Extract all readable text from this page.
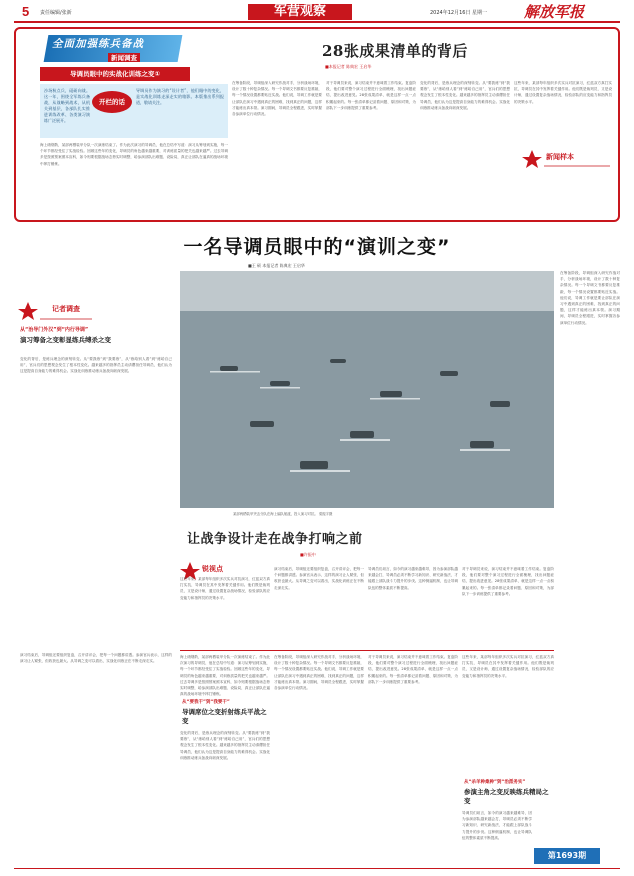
5 责任编辑/张新	军营观察	2024年12月16日 星期一 解放军报
全面加强练兵备战
新闻调查
导调员眼中的实战化训练之变①
沙场秋点兵，砥砺向战。这一年，围绕全军练兵备战，从战略到战术，从机关到基层，各部队扎实推进训练改革、各类演习演练广泛展开。
开栏的话
导调员作为演习的“设计者”，他们眼中的变化，是实战化训练走深走实的缩影。本版推出系列报道，敬请关注。
海上硝烟散，某部两栖装甲分队一次演练结束了。作为此次演习的导调员，他在总结中写道：演习从筹划到实施，每一个环节都经受住了实战检验。回顾这些年的变化，导调员的角色越来越重要，对训练质量的把关也越来越严。过去导调多是按照预案照本宣科，如今则要根据战场态势实时调整，给参演部队出难题、设险局，真正让部队在逼真的战场环境中摔打锤炼。
28张成果清单的背后
■本报记者 陈典宏 王启华
在筹备阶段，导调组深入研究作战对手，分析战场环境，设计了数十种复杂情况。每一个导调文书都要反复推敲，每一个情况设置都要贴近实战。他们说，导调工作就是要让部队在演习中遇到真正的困难，找到真正的问题，这样才能练出真本领。演习期间，导调员全程跟进，实时掌握各参演单位行动情况。
对于导调员来说，演习结束并不意味着工作结束。复盘阶段，他们要对整个演习过程进行全面梳理，找出问题症结，提出改进意见。28张成果清单，就是这样一点一点积累起来的。每一张清单都记录着问题、原因和对策，为部队下一步训练提供了重要参考。
变化的背后，是练兵理念的深刻转变。从“要我练”到“我要练”，从“练给别人看”到“练给自己用”，官兵们的思想观念发生了根本性变化。越来越多的指挥员主动请缨担任导调员，他们认为这是提高自身能力的难得机会。实战化训练推动练兵备战向纵深发展。
这些年来，某部每年组织多次实兵对抗演习，红蓝双方真打实抗，导调员在其中发挥着关键作用。他们既是裁判员，又是设计师，通过设置复杂战场情况，检验部队的应变能力和指挥员的决策水平。
新闻样本
一名导调员眼中的“演训之变”
■王 硕 本报记者 陈典宏 王启华
记者调查
从“治导门外汉”到“内行导调”
演习筹备之变彰显练兵缚杀之变
变化的背后，是练兵理念的深刻转变。从“要我练”到“我要练”，从“练给别人看”到“练给自己用”，官兵们的思想观念发生了根本性变化。越来越多的指挥员主动请缨担任导调员，他们认为这是提高自身能力的难得机会。实战化训练推动练兵备战向纵深发展。
演习结束后，导调组还要组织复盘，召开讲评会，把每一个问题都讲透。参演官兵表示，这样的演习让人紧张，但收获也最大。从导调之变可以看出，实战化训练正在不断走深走实。
在筹备阶段，导调组深入研究作战对手，分析战场环境，设计了数十种复杂情况。每一个导调文书都要反复推敲，每一个情况设置都要贴近实战。他们说，导调工作就是要让部队在演习中遇到真正的困难，找到真正的问题，这样才能练出真本领。演习期间，导调员全程跟进，实时掌握各参演单位行动情况。
某部两栖装甲突击分队在海上编队航渡，投入演习对抗。 梁振宇摄
让战争设计走在战争打响之前
■许振中
锐视点
这些年来，某部每年组织多次实兵对抗演习，红蓝双方真打实抗，导调员在其中发挥着关键作用。他们既是裁判员，又是设计师，通过设置复杂战场情况，检验部队的应变能力和指挥员的决策水平。
演习结束后，导调组还要组织复盘，召开讲评会，把每一个问题都讲透。参演官兵表示，这样的演习让人紧张，但收获也最大。从导调之变可以看出，实战化训练正在不断走深走实。
导调员们坦言，如今的演习越来越难导，因为参演部队越来越会打，导调员必须不断学习新知识、研究新战法，才能跟上部队战斗力提升的步伐。这种倒逼机制，也让导调队伍的整体素质不断提高。
对于导调员来说，演习结束并不意味着工作结束。复盘阶段，他们要对整个演习过程进行全面梳理，找出问题症结，提出改进意见。28张成果清单，就是这样一点一点积累起来的。每一张清单都记录着问题、原因和对策，为部队下一步训练提供了重要参考。
海上硝烟散，某部两栖装甲分队一次演练结束了。作为此次演习的导调员，他在总结中写道：演习从筹划到实施，每一个环节都经受住了实战检验。回顾这些年的变化，导调员的角色越来越重要，对训练质量的把关也越来越严。过去导调多是按照预案照本宣科，如今则要根据战场态势实时调整，给参演部队出难题、设险局，真正让部队在逼真的战场环境中摔打锤炼。
从“要我干”到“我要干”
导调席位之变折射练兵平战之变
变化的背后，是练兵理念的深刻转变。从“要我练”到“我要练”，从“练给别人看”到“练给自己用”，官兵们的思想观念发生了根本性变化。越来越多的指挥员主动请缨担任导调员，他们认为这是提高自身能力的难得机会。实战化训练推动练兵备战向纵深发展。
在筹备阶段，导调组深入研究作战对手，分析战场环境，设计了数十种复杂情况。每一个导调文书都要反复推敲，每一个情况设置都要贴近实战。他们说，导调工作就是要让部队在演习中遇到真正的困难，找到真正的问题，这样才能练出真本领。演习期间，导调员全程跟进，实时掌握各参演单位行动情况。
对于导调员来说，演习结束并不意味着工作结束。复盘阶段，他们要对整个演习过程进行全面梳理，找出问题症结，提出改进意见。28张成果清单，就是这样一点一点积累起来的。每一张清单都记录着问题、原因和对策，为部队下一步训练提供了重要参考。
这些年来，某部每年组织多次实兵对抗演习，红蓝双方真打实抗，导调员在其中发挥着关键作用。他们既是裁判员，又是设计师，通过设置复杂战场情况，检验部队的应变能力和指挥员的决策水平。
从“杀羊种桑种”到“治派务实”
参演主角之变反映练兵精局之变
导调员们坦言，如今的演习越来越难导，因为参演部队越来越会打，导调员必须不断学习新知识、研究新战法，才能跟上部队战斗力提升的步伐。这种倒逼机制，也让导调队伍的整体素质不断提高。
第1693期
